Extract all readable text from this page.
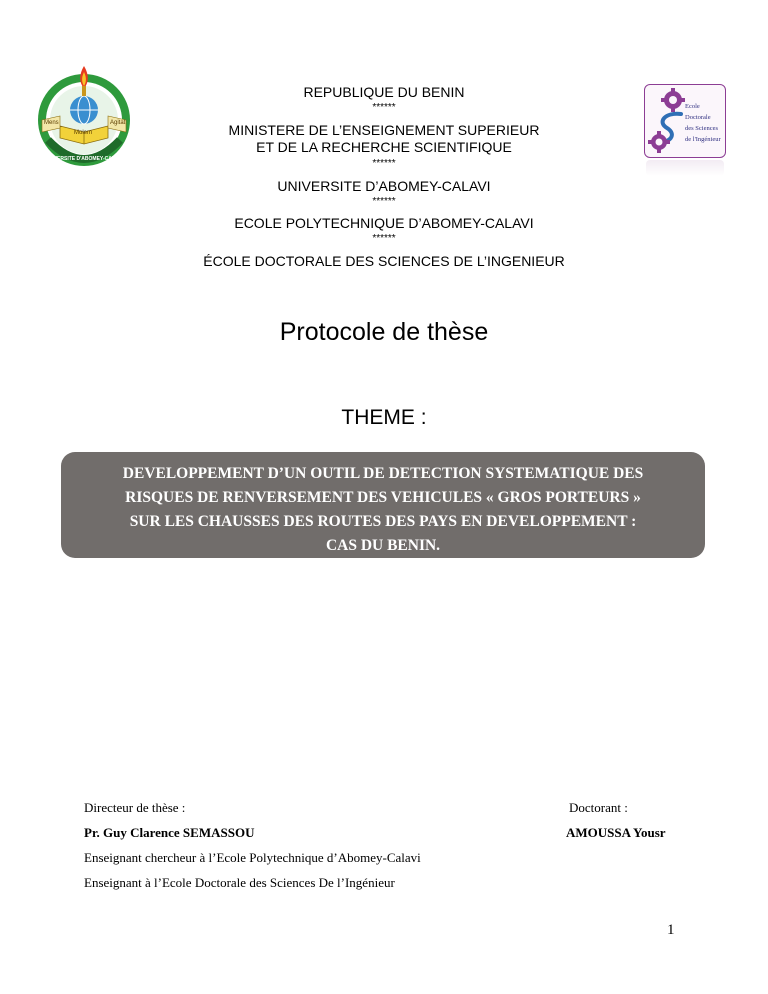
Mens	Agitat
Molem
UNIVERSITE D'ABOMEY-CALAVI
Ecole Doctorale
des Sciences
de l'Ingénieur
REPUBLIQUE DU BENIN
******
MINISTERE DE L’ENSEIGNEMENT SUPERIEUR
ET DE LA RECHERCHE SCIENTIFIQUE
******
UNIVERSITE D’ABOMEY-CALAVI
******
ECOLE POLYTECHNIQUE D’ABOMEY-CALAVI
******
ÉCOLE DOCTORALE DES SCIENCES DE L’INGENIEUR
Protocole de thèse
THEME :
DEVELOPPEMENT D’UN OUTIL DE DETECTION SYSTEMATIQUE DES
RISQUES DE RENVERSEMENT DES VEHICULES « GROS PORTEURS »
SUR LES CHAUSSES DES ROUTES DES PAYS EN DEVELOPPEMENT :
CAS DU BENIN.
Directeur de thèse :
Pr. Guy Clarence SEMASSOU
Enseignant chercheur à l’Ecole Polytechnique d’Abomey-Calavi
Enseignant à l’Ecole Doctorale des Sciences De l’Ingénieur
Doctorant :
AMOUSSA Yousr
1
